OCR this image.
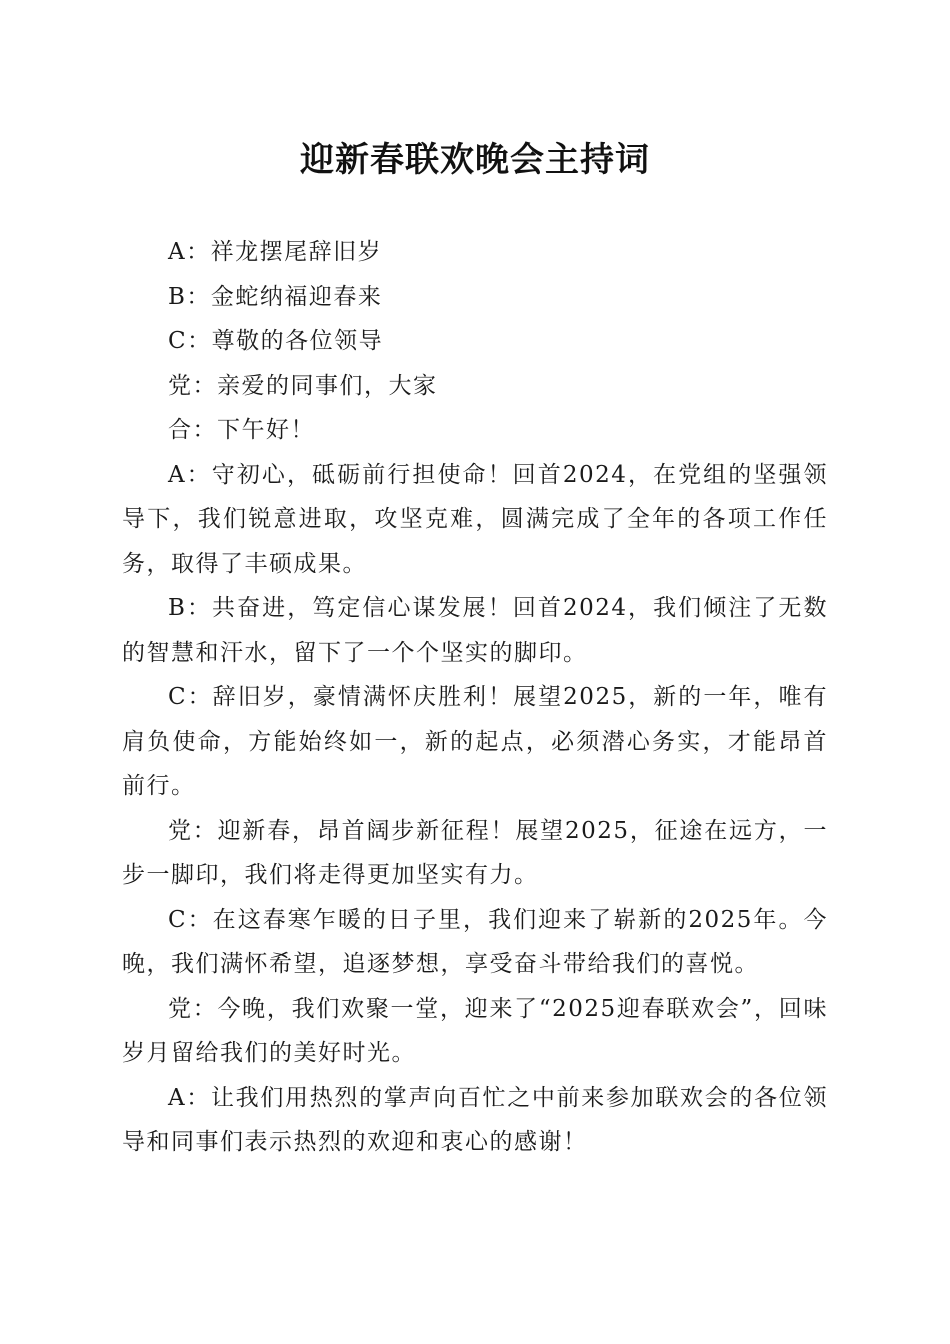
迎新春联欢晚会主持词

A：祥龙摆尾辞旧岁

B：金蛇纳福迎春来

C：尊敬的各位领导

党：亲爱的同事们，大家

合：下午好！

A：守初心，砥砺前行担使命！回首2024，在党组的坚强领导下，我们锐意进取，攻坚克难，圆满完成了全年的各项工作任务，取得了丰硕成果。

B：共奋进，笃定信心谋发展！回首2024，我们倾注了无数的智慧和汗水，留下了一个个坚实的脚印。

C：辞旧岁，豪情满怀庆胜利！展望2025，新的一年，唯有肩负使命，方能始终如一，新的起点，必须潜心务实，才能昂首前行。

党：迎新春，昂首阔步新征程！展望2025，征途在远方，一步一脚印，我们将走得更加坚实有力。

C：在这春寒乍暖的日子里，我们迎来了崭新的2025年。今晚，我们满怀希望，追逐梦想，享受奋斗带给我们的喜悦。

党：今晚，我们欢聚一堂，迎来了“2025迎春联欢会”，回味岁月留给我们的美好时光。

A：让我们用热烈的掌声向百忙之中前来参加联欢会的各位领导和同事们表示热烈的欢迎和衷心的感谢！
